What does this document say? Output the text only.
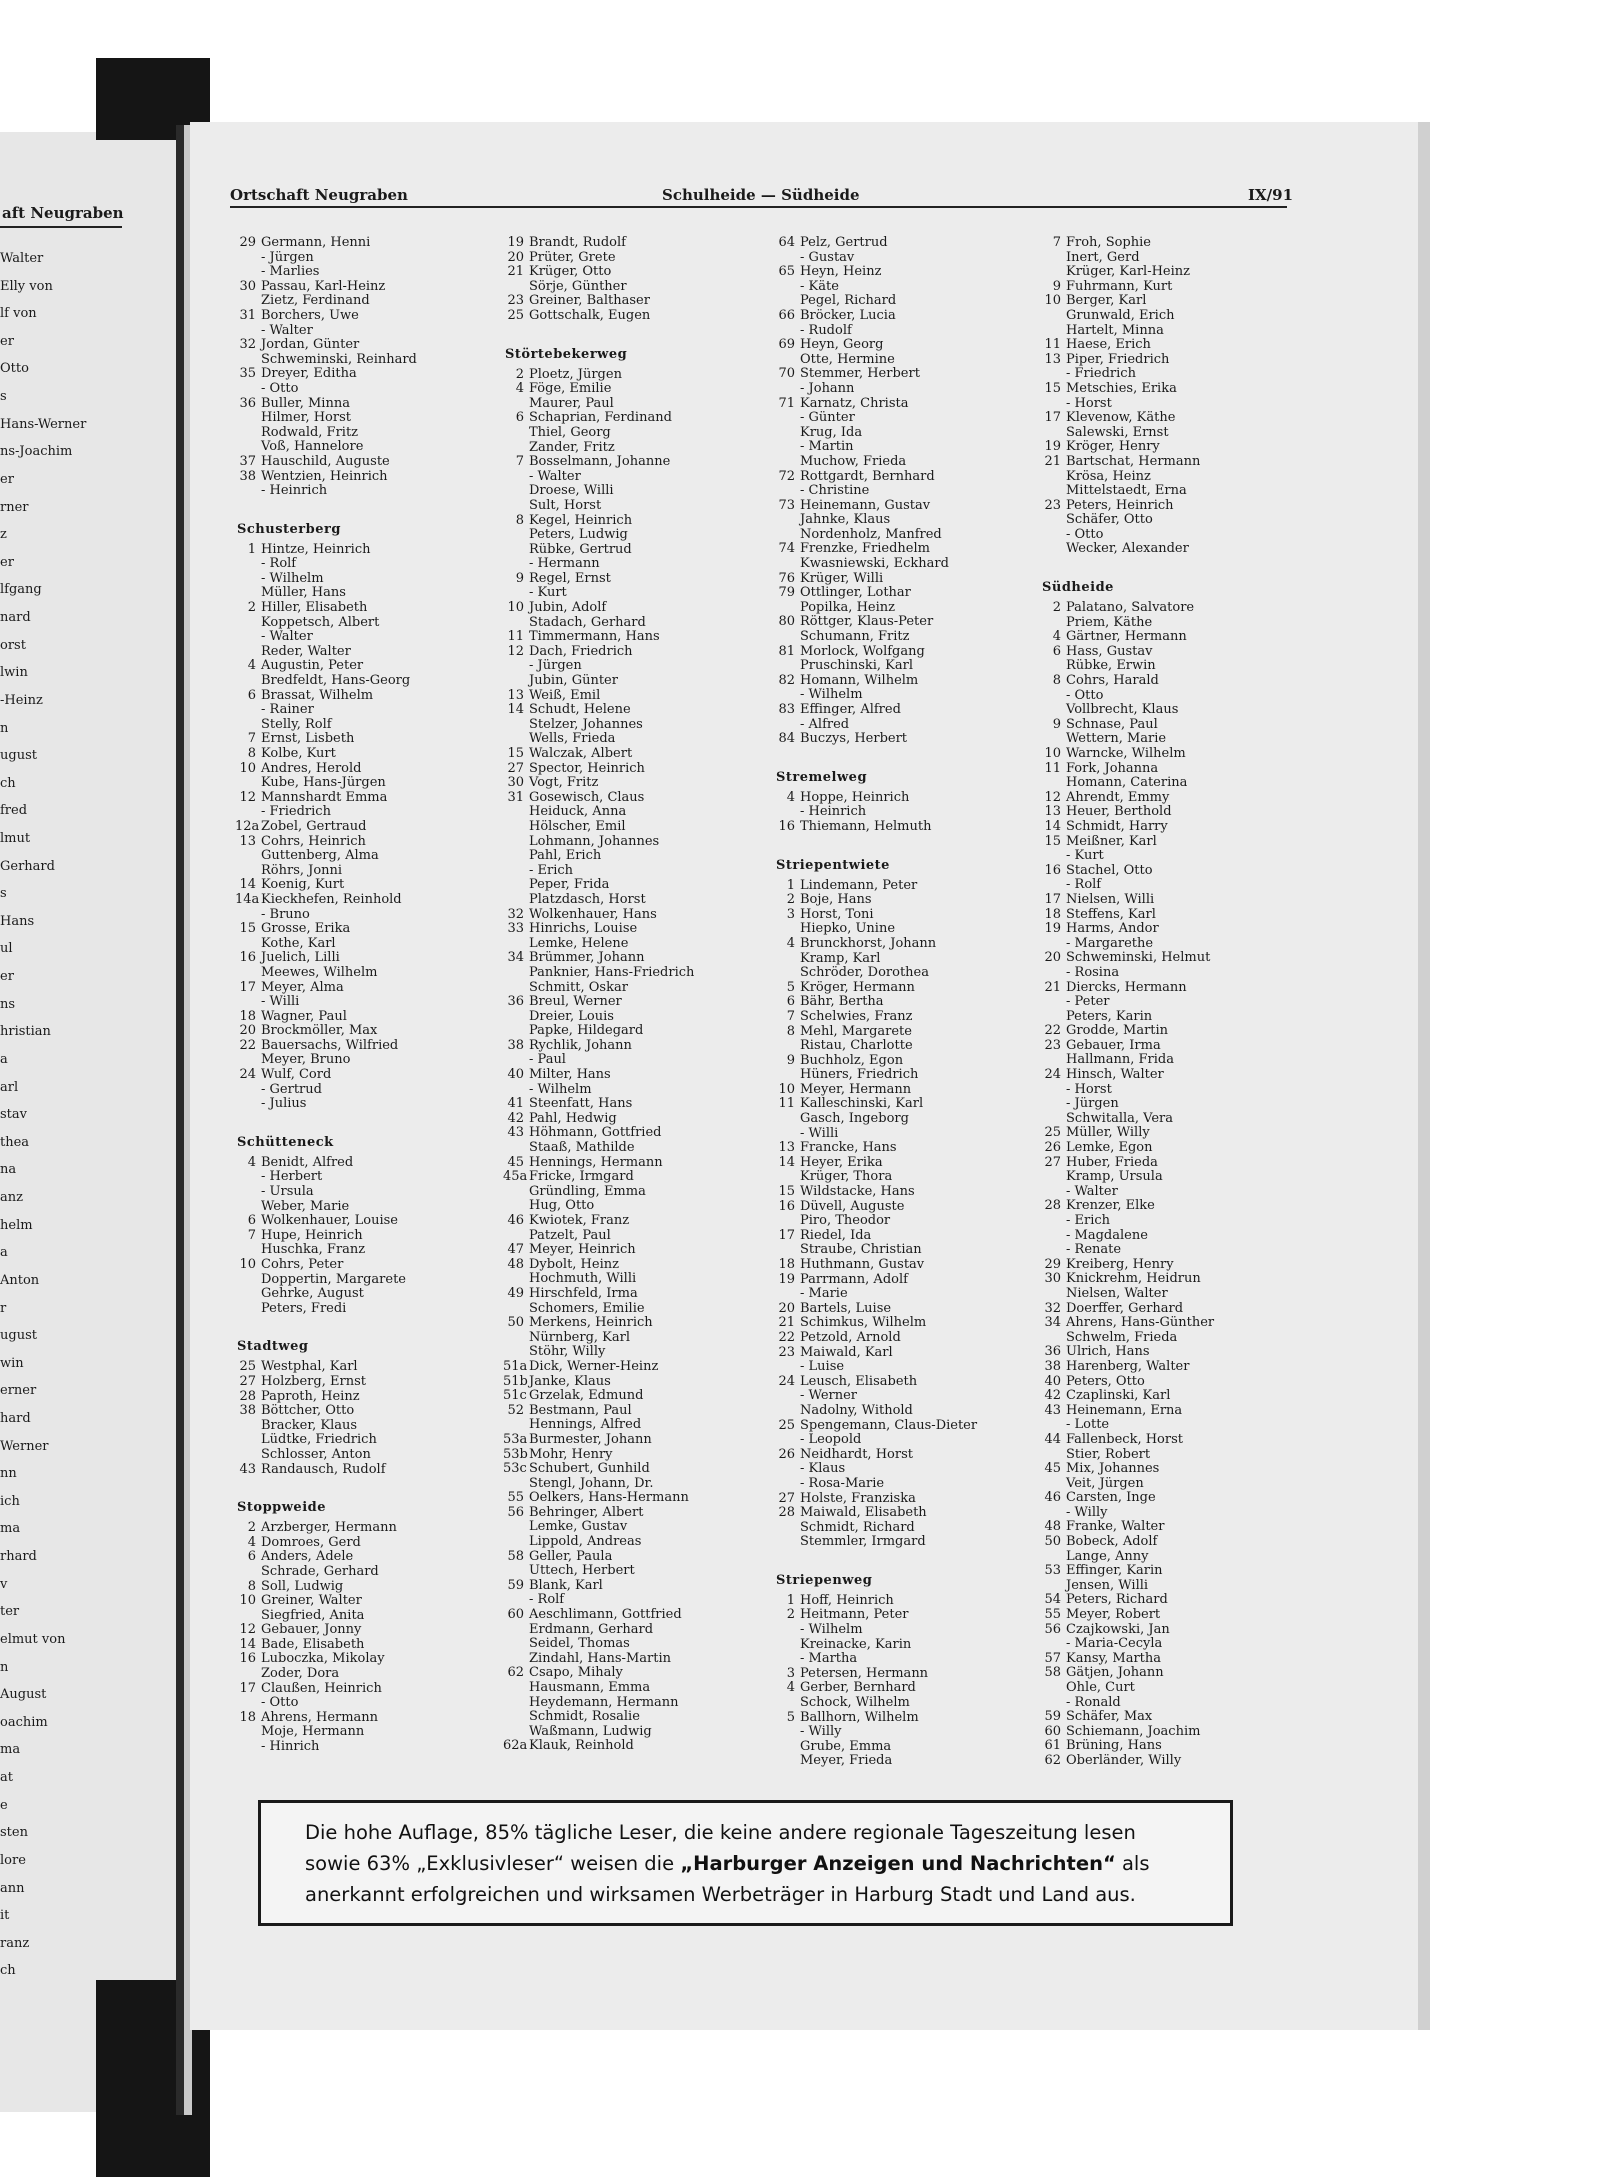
aft Neugraben
Walter
Elly von
lf von
er
Otto
s
Hans-Werner
ns-Joachim
er
rner
z
er
lfgang
nard
orst
lwin
-Heinz
n
ugust
ch
fred
lmut
Gerhard
s
Hans
ul
er
ns
hristian
a
arl
stav
thea
na
anz
helm
a
Anton
r
ugust
win
erner
hard
Werner
nn
ich
ma
rhard
v
ter
elmut von
n
August
oachim
ma
at
e
sten
lore
ann
it
ranz
ch
Ortschaft Neugraben	Schulheide — Südheide	IX/91
29 Germann, Henni
- Jürgen
- Marlies
30 Passau, Karl-Heinz
Zietz, Ferdinand
31 Borchers, Uwe
- Walter
32 Jordan, Günter
Schweminski, Reinhard
35 Dreyer, Editha
- Otto
36 Buller, Minna
Hilmer, Horst
Rodwald, Fritz
Voß, Hannelore
37 Hauschild, Auguste
38 Wentzien, Heinrich
- Heinrich
Schusterberg
1 Hintze, Heinrich
- Rolf
- Wilhelm
Müller, Hans
2 Hiller, Elisabeth
Koppetsch, Albert
- Walter
Reder, Walter
4 Augustin, Peter
Bredfeldt, Hans-Georg
6 Brassat, Wilhelm
- Rainer
Stelly, Rolf
7 Ernst, Lisbeth
8 Kolbe, Kurt
10 Andres, Herold
Kube, Hans-Jürgen
12 Mannshardt Emma
- Friedrich
12a Zobel, Gertraud
13 Cohrs, Heinrich
Guttenberg, Alma
Röhrs, Jonni
14 Koenig, Kurt
14a Kieckhefen, Reinhold
- Bruno
15 Grosse, Erika
Kothe, Karl
16 Juelich, Lilli
Meewes, Wilhelm
17 Meyer, Alma
- Willi
18 Wagner, Paul
20 Brockmöller, Max
22 Bauersachs, Wilfried
Meyer, Bruno
24 Wulf, Cord
- Gertrud
- Julius
Schütteneck
4 Benidt, Alfred
- Herbert
- Ursula
Weber, Marie
6 Wolkenhauer, Louise
7 Hupe, Heinrich
Huschka, Franz
10 Cohrs, Peter
Doppertin, Margarete
Gehrke, August
Peters, Fredi
Stadtweg
25 Westphal, Karl
27 Holzberg, Ernst
28 Paproth, Heinz
38 Böttcher, Otto
Bracker, Klaus
Lüdtke, Friedrich
Schlosser, Anton
43 Randausch, Rudolf
Stoppweide
2 Arzberger, Hermann
4 Domroes, Gerd
6 Anders, Adele
Schrade, Gerhard
8 Soll, Ludwig
10 Greiner, Walter
Siegfried, Anita
12 Gebauer, Jonny
14 Bade, Elisabeth
16 Luboczka, Mikolay
Zoder, Dora
17 Claußen, Heinrich
- Otto
18 Ahrens, Hermann
Moje, Hermann
- Hinrich
19 Brandt, Rudolf
20 Prüter, Grete
21 Krüger, Otto
Sörje, Günther
23 Greiner, Balthaser
25 Gottschalk, Eugen
Störtebekerweg
2 Ploetz, Jürgen
4 Föge, Emilie
Maurer, Paul
6 Schaprian, Ferdinand
Thiel, Georg
Zander, Fritz
7 Bosselmann, Johanne
- Walter
Droese, Willi
Sult, Horst
8 Kegel, Heinrich
Peters, Ludwig
Rübke, Gertrud
- Hermann
9 Regel, Ernst
- Kurt
10 Jubin, Adolf
Stadach, Gerhard
11 Timmermann, Hans
12 Dach, Friedrich
- Jürgen
Jubin, Günter
13 Weiß, Emil
14 Schudt, Helene
Stelzer, Johannes
Wells, Frieda
15 Walczak, Albert
27 Spector, Heinrich
30 Vogt, Fritz
31 Gosewisch, Claus
Heiduck, Anna
Hölscher, Emil
Lohmann, Johannes
Pahl, Erich
- Erich
Peper, Frida
Platzdasch, Horst
32 Wolkenhauer, Hans
33 Hinrichs, Louise
Lemke, Helene
34 Brümmer, Johann
Panknier, Hans-Friedrich
Schmitt, Oskar
36 Breul, Werner
Dreier, Louis
Papke, Hildegard
38 Rychlik, Johann
- Paul
40 Milter, Hans
- Wilhelm
41 Steenfatt, Hans
42 Pahl, Hedwig
43 Höhmann, Gottfried
Staaß, Mathilde
45 Hennings, Hermann
45a Fricke, Irmgard
Gründling, Emma
Hug, Otto
46 Kwiotek, Franz
Patzelt, Paul
47 Meyer, Heinrich
48 Dybolt, Heinz
Hochmuth, Willi
49 Hirschfeld, Irma
Schomers, Emilie
50 Merkens, Heinrich
Nürnberg, Karl
Stöhr, Willy
51a Dick, Werner-Heinz
51b Janke, Klaus
51c Grzelak, Edmund
52 Bestmann, Paul
Hennings, Alfred
53a Burmester, Johann
53b Mohr, Henry
53c Schubert, Gunhild
Stengl, Johann, Dr.
55 Oelkers, Hans-Hermann
56 Behringer, Albert
Lemke, Gustav
Lippold, Andreas
58 Geller, Paula
Uttech, Herbert
59 Blank, Karl
- Rolf
60 Aeschlimann, Gottfried
Erdmann, Gerhard
Seidel, Thomas
Zindahl, Hans-Martin
62 Csapo, Mihaly
Hausmann, Emma
Heydemann, Hermann
Schmidt, Rosalie
Waßmann, Ludwig
62a Klauk, Reinhold
64 Pelz, Gertrud
- Gustav
65 Heyn, Heinz
- Käte
Pegel, Richard
66 Bröcker, Lucia
- Rudolf
69 Heyn, Georg
Otte, Hermine
70 Stemmer, Herbert
- Johann
71 Karnatz, Christa
- Günter
Krug, Ida
- Martin
Muchow, Frieda
72 Rottgardt, Bernhard
- Christine
73 Heinemann, Gustav
Jahnke, Klaus
Nordenholz, Manfred
74 Frenzke, Friedhelm
Kwasniewski, Eckhard
76 Krüger, Willi
79 Ottlinger, Lothar
Popilka, Heinz
80 Röttger, Klaus-Peter
Schumann, Fritz
81 Morlock, Wolfgang
Pruschinski, Karl
82 Homann, Wilhelm
- Wilhelm
83 Effinger, Alfred
- Alfred
84 Buczys, Herbert
Stremelweg
4 Hoppe, Heinrich
- Heinrich
16 Thiemann, Helmuth
Striepentwiete
1 Lindemann, Peter
2 Boje, Hans
3 Horst, Toni
Hiepko, Unine
4 Brunckhorst, Johann
Kramp, Karl
Schröder, Dorothea
5 Kröger, Hermann
6 Bähr, Bertha
7 Schelwies, Franz
8 Mehl, Margarete
Ristau, Charlotte
9 Buchholz, Egon
Hüners, Friedrich
10 Meyer, Hermann
11 Kalleschinski, Karl
Gasch, Ingeborg
- Willi
13 Francke, Hans
14 Heyer, Erika
Krüger, Thora
15 Wildstacke, Hans
16 Düvell, Auguste
Piro, Theodor
17 Riedel, Ida
Straube, Christian
18 Huthmann, Gustav
19 Parrmann, Adolf
- Marie
20 Bartels, Luise
21 Schimkus, Wilhelm
22 Petzold, Arnold
23 Maiwald, Karl
- Luise
24 Leusch, Elisabeth
- Werner
Nadolny, Withold
25 Spengemann, Claus-Dieter
- Leopold
26 Neidhardt, Horst
- Klaus
- Rosa-Marie
27 Holste, Franziska
28 Maiwald, Elisabeth
Schmidt, Richard
Stemmler, Irmgard
Striepenweg
1 Hoff, Heinrich
2 Heitmann, Peter
- Wilhelm
Kreinacke, Karin
- Martha
3 Petersen, Hermann
4 Gerber, Bernhard
Schock, Wilhelm
5 Ballhorn, Wilhelm
- Willy
Grube, Emma
Meyer, Frieda
7 Froh, Sophie
Inert, Gerd
Krüger, Karl-Heinz
9 Fuhrmann, Kurt
10 Berger, Karl
Grunwald, Erich
Hartelt, Minna
11 Haese, Erich
13 Piper, Friedrich
- Friedrich
15 Metschies, Erika
- Horst
17 Klevenow, Käthe
Salewski, Ernst
19 Kröger, Henry
21 Bartschat, Hermann
Krösa, Heinz
Mittelstaedt, Erna
23 Peters, Heinrich
Schäfer, Otto
- Otto
Wecker, Alexander
Südheide
2 Palatano, Salvatore
Priem, Käthe
4 Gärtner, Hermann
6 Hass, Gustav
Rübke, Erwin
8 Cohrs, Harald
- Otto
Vollbrecht, Klaus
9 Schnase, Paul
Wettern, Marie
10 Warncke, Wilhelm
11 Fork, Johanna
Homann, Caterina
12 Ahrendt, Emmy
13 Heuer, Berthold
14 Schmidt, Harry
15 Meißner, Karl
- Kurt
16 Stachel, Otto
- Rolf
17 Nielsen, Willi
18 Steffens, Karl
19 Harms, Andor
- Margarethe
20 Schweminski, Helmut
- Rosina
21 Diercks, Hermann
- Peter
Peters, Karin
22 Grodde, Martin
23 Gebauer, Irma
Hallmann, Frida
24 Hinsch, Walter
- Horst
- Jürgen
Schwitalla, Vera
25 Müller, Willy
26 Lemke, Egon
27 Huber, Frieda
Kramp, Ursula
- Walter
28 Krenzer, Elke
- Erich
- Magdalene
- Renate
29 Kreiberg, Henry
30 Knickrehm, Heidrun
Nielsen, Walter
32 Doerffer, Gerhard
34 Ahrens, Hans-Günther
Schwelm, Frieda
36 Ulrich, Hans
38 Harenberg, Walter
40 Peters, Otto
42 Czaplinski, Karl
43 Heinemann, Erna
- Lotte
44 Fallenbeck, Horst
Stier, Robert
45 Mix, Johannes
Veit, Jürgen
46 Carsten, Inge
- Willy
48 Franke, Walter
50 Bobeck, Adolf
Lange, Anny
53 Effinger, Karin
Jensen, Willi
54 Peters, Richard
55 Meyer, Robert
56 Czajkowski, Jan
- Maria-Cecyla
57 Kansy, Martha
58 Gätjen, Johann
Ohle, Curt
- Ronald
59 Schäfer, Max
60 Schiemann, Joachim
61 Brüning, Hans
62 Oberländer, Willy
Die hohe Auflage, 85% tägliche Leser, die keine andere regionale Tageszeitung lesen sowie 63% „Exklusivleser“ weisen die „Harburger Anzeigen und Nachrichten“ als anerkannt erfolgreichen und wirksamen Werbeträger in Harburg Stadt und Land aus.
